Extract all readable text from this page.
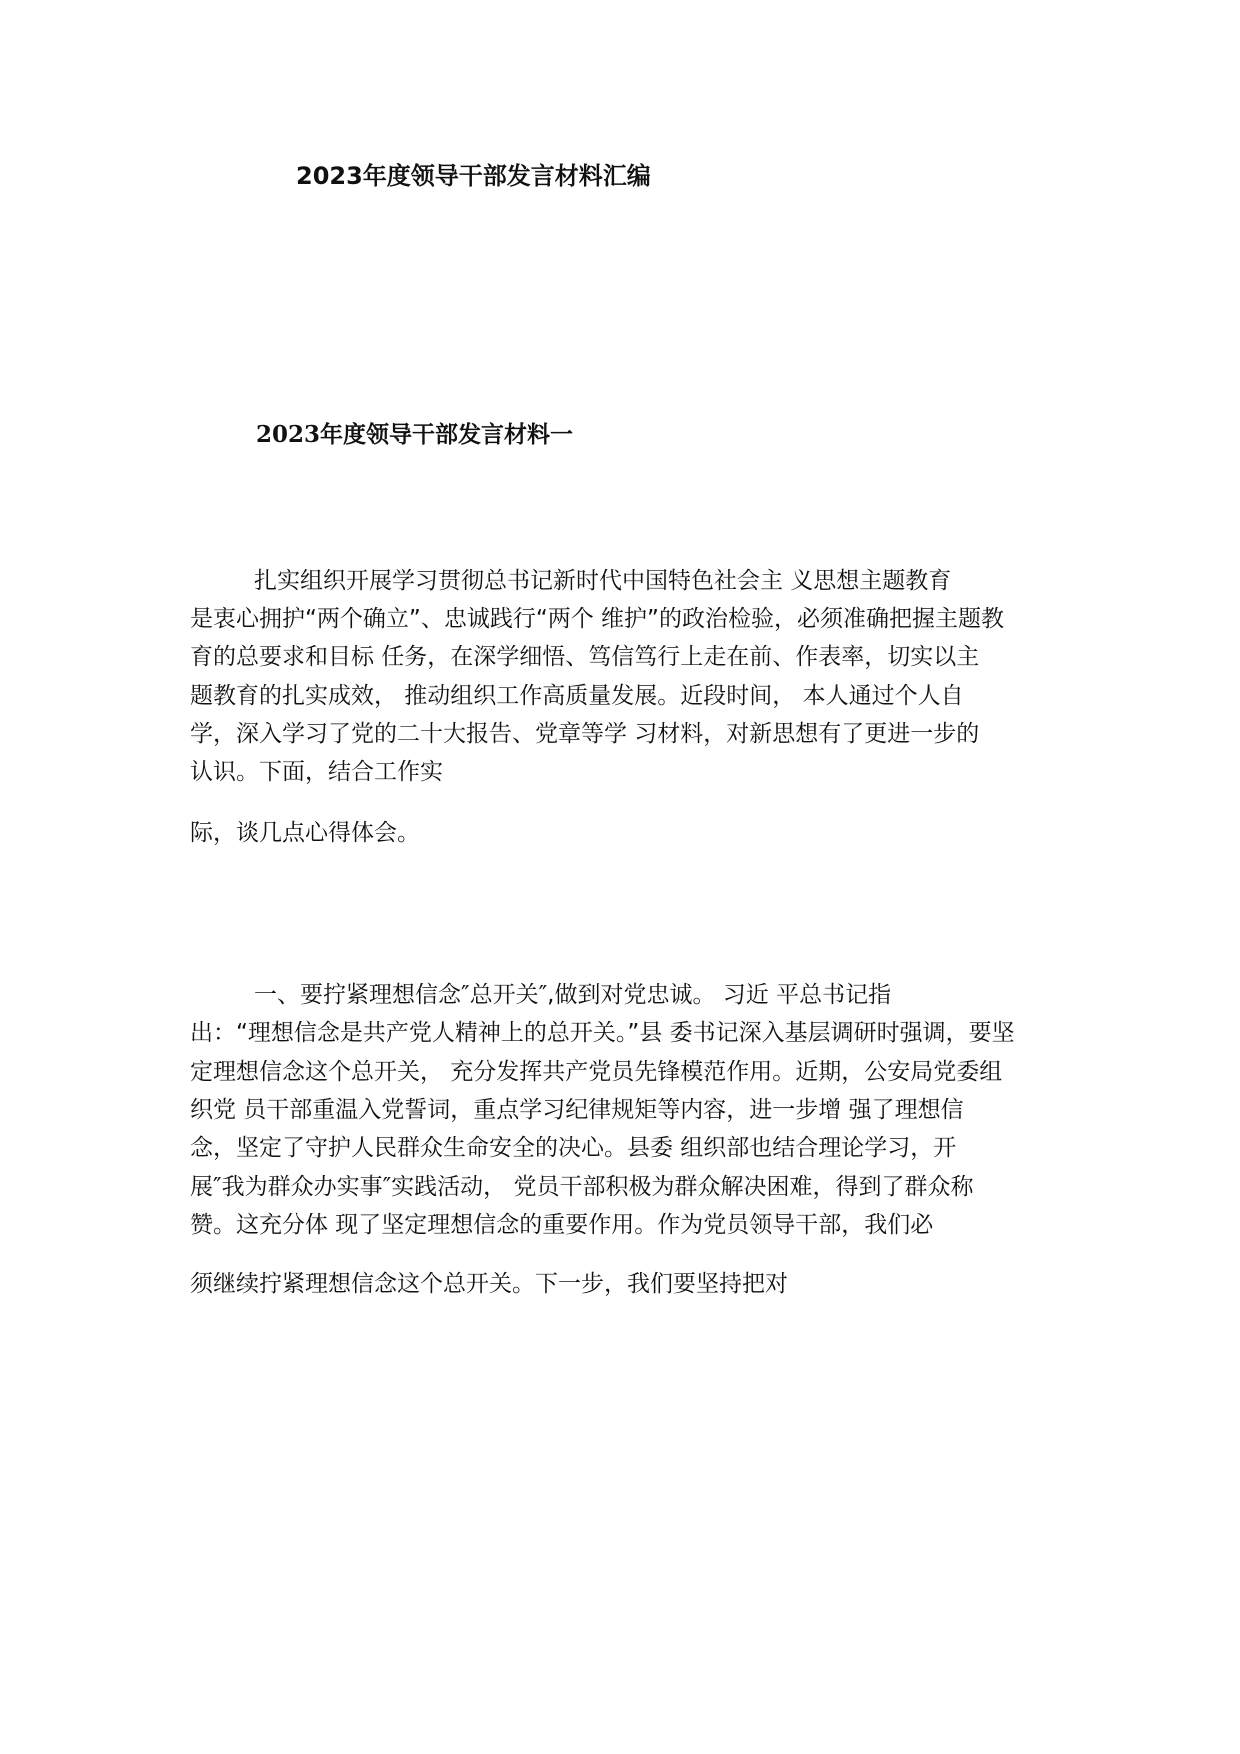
2023年度领导干部发言材料汇编
2023年度领导干部发言材料一

扎实组织开展学习贯彻总书记新时代中国特色社会主 义思想主题教育

是衷心拥护“两个确立”、忠诚践行“两个 维护”的政治检验，必须准确把握主题教

育的总要求和目标 任务，在深学细悟、笃信笃行上走在前、作表率，切实以主

题教育的扎实成效， 推动组织工作高质量发展。近段时间， 本人通过个人自

学，深入学习了党的二十大报告、党章等学 习材料，对新思想有了更进一步的

认识。下面，结合工作实

际，谈几点心得体会。

一、要拧紧理想信念″总开关″,做到对党忠诚。 习近 平总书记指

出：“理想信念是共产党人精神上的总开关。”县 委书记深入基层调研时强调，要坚

定理想信念这个总开关， 充分发挥共产党员先锋模范作用。近期，公安局党委组

织党 员干部重温入党誓词，重点学习纪律规矩等内容，进一步增 强了理想信

念，坚定了守护人民群众生命安全的决心。县委 组织部也结合理论学习，开

展″我为群众办实事″实践活动， 党员干部积极为群众解决困难，得到了群众称

赞。这充分体 现了坚定理想信念的重要作用。作为党员领导干部，我们必

须继续拧紧理想信念这个总开关。下一步，我们要坚持把对
